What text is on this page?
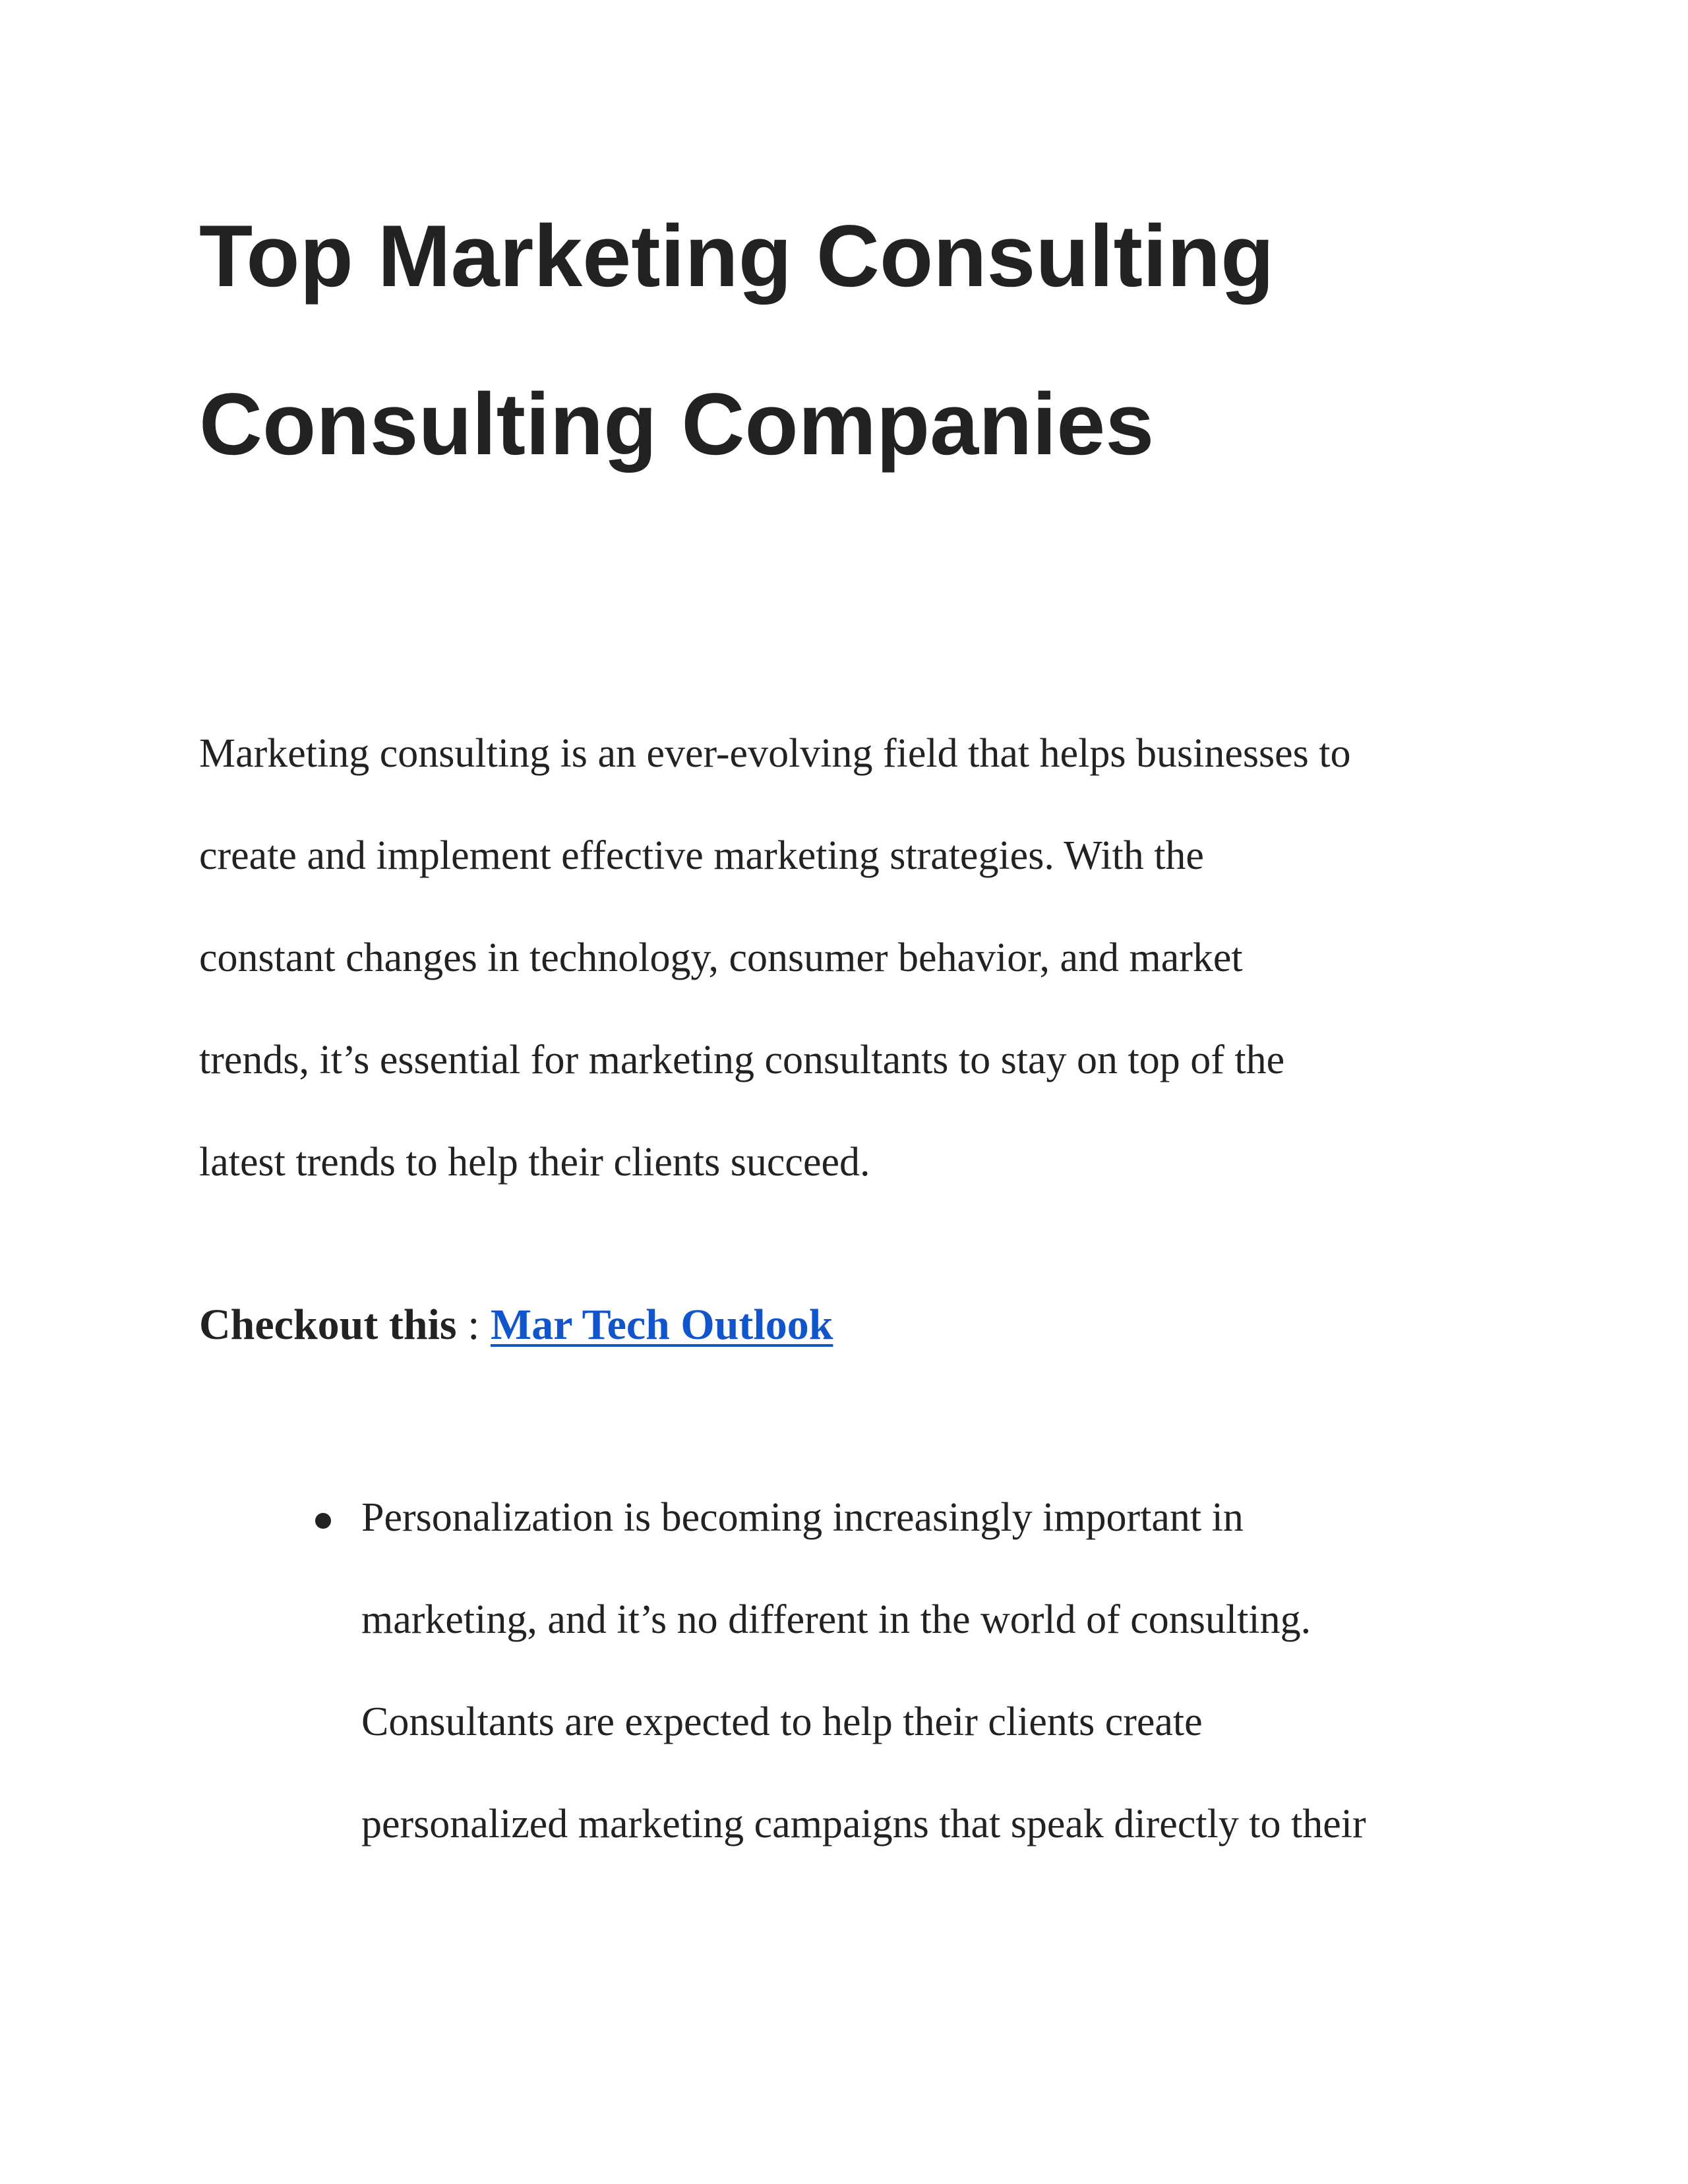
Top Marketing Consulting
Consulting Companies

Marketing consulting is an ever-evolving field that helps businesses to
create and implement effective marketing strategies. With the
constant changes in technology, consumer behavior, and market
trends, it’s essential for marketing consultants to stay on top of the
latest trends to help their clients succeed.

Checkout this : Mar Tech Outlook

Personalization is becoming increasingly important in
marketing, and it’s no different in the world of consulting.
Consultants are expected to help their clients create
personalized marketing campaigns that speak directly to their
